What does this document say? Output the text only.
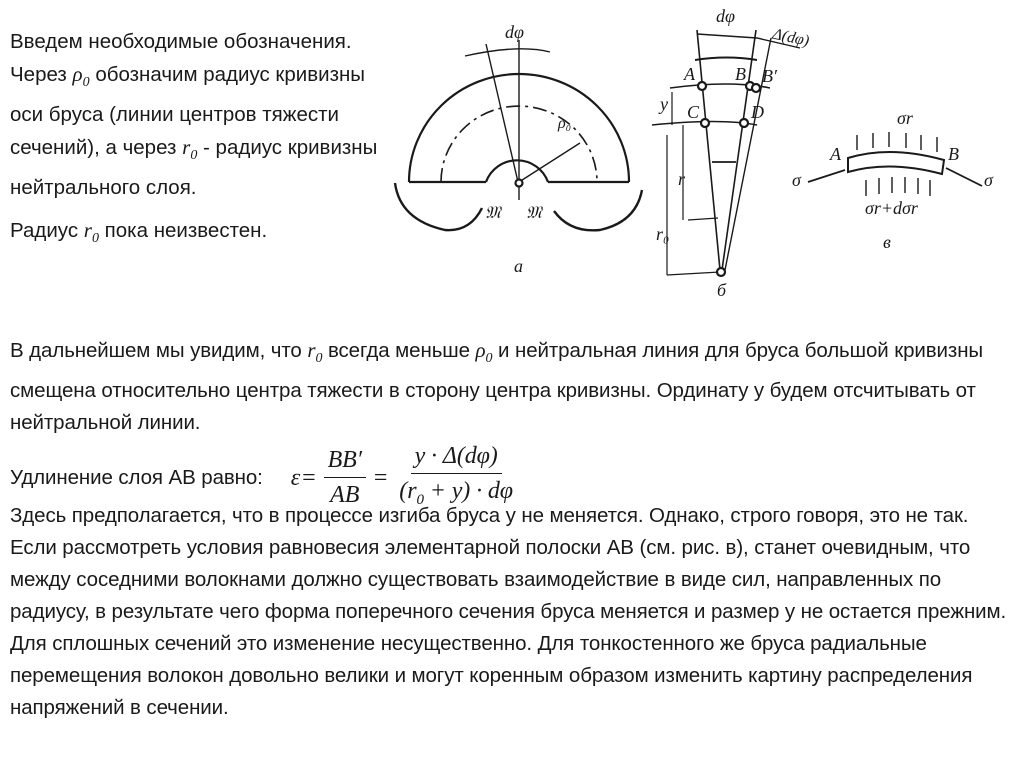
Введем необходимые обозначения. Через $\rho_0$ обозначим радиус кривизны оси бруса (линии центров тяжести сечений), а через $r_0$ - радиус кривизны нейтрального слоя.

Радиус $r_0$ пока неизвестен.

dφ
ρ₀
𝔐 𝔐
а
dφ
Δ(dφ)
A B B′
C	D
y
r
r₀
б
σr
A	B
σ	σ
σr+dσr
в
В дальнейшем мы увидим, что $r_0$ всегда меньше $\rho_0$ и нейтральная линия для бруса большой кривизны смещена относительно центра тяжести в сторону центра кривизны. Ординату y будем отсчитывать от нейтральной линии.
Удлинение слоя АВ равно: $\varepsilon = \frac{BB'}{AB} = \frac{y \cdot \Delta(d\varphi)}{(r_0 + y) \cdot d\varphi}$
Здесь предполагается, что в процессе изгиба бруса y не меняется. Однако, строго говоря, это не так. Если рассмотреть условия равновесия элементарной полоски АВ (см. рис. в), станет очевидным, что между соседними волокнами должно существовать взаимодействие в виде сил, направленных по радиусу, в результате чего форма поперечного сечения бруса меняется и размер y не остается прежним. Для сплошных сечений это изменение несущественно. Для тонкостенного же бруса радиальные перемещения волокон довольно велики и могут коренным образом изменить картину распределения напряжений в сечении.
